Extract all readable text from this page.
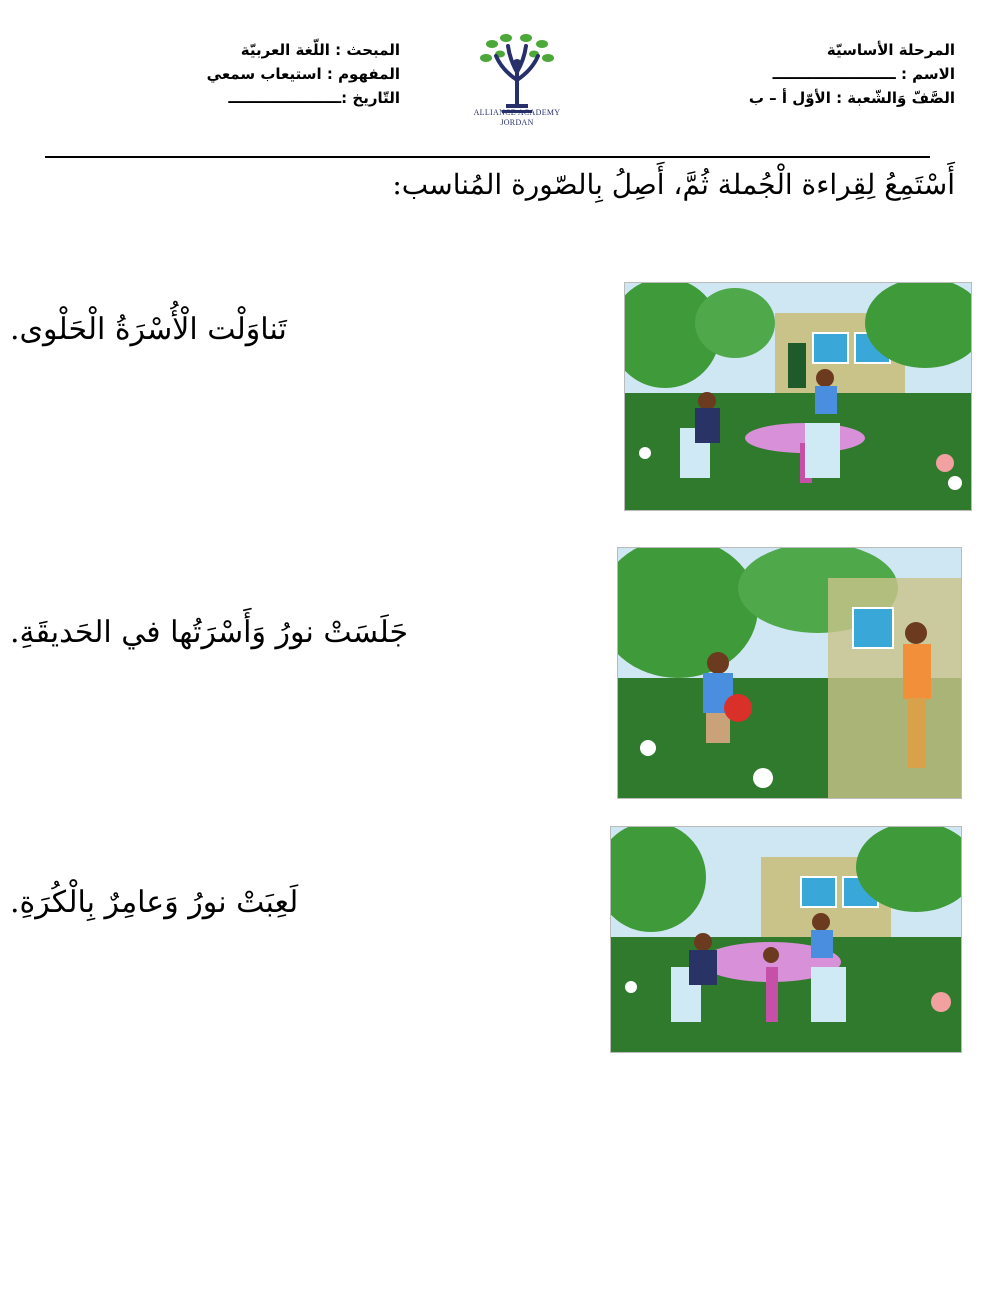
المرحلة الأساسيّة
الاسم : ــــــــــــــــــــــــ
الصَّفّ وَالشّعبة : الأوّل أ – ب
المبحث : اللّغة العربيّة
المفهوم : استيعاب سمعي
التّاريخ :ــــــــــــــــــــــ
ALLIANCE ACADEMY
JORDAN
أَسْتَمِعُ لِقِراءة الْجُملة ثُمَّ، أَصِلُ بِالصّورة المُناسب:
تَناوَلْت الْأُسْرَةُ الْحَلْوى.
جَلَسَتْ نورُ وَأَسْرَتُها في الحَديقَةِ.
لَعِبَتْ نورُ وَعامِرٌ بِالْكُرَةِ.
